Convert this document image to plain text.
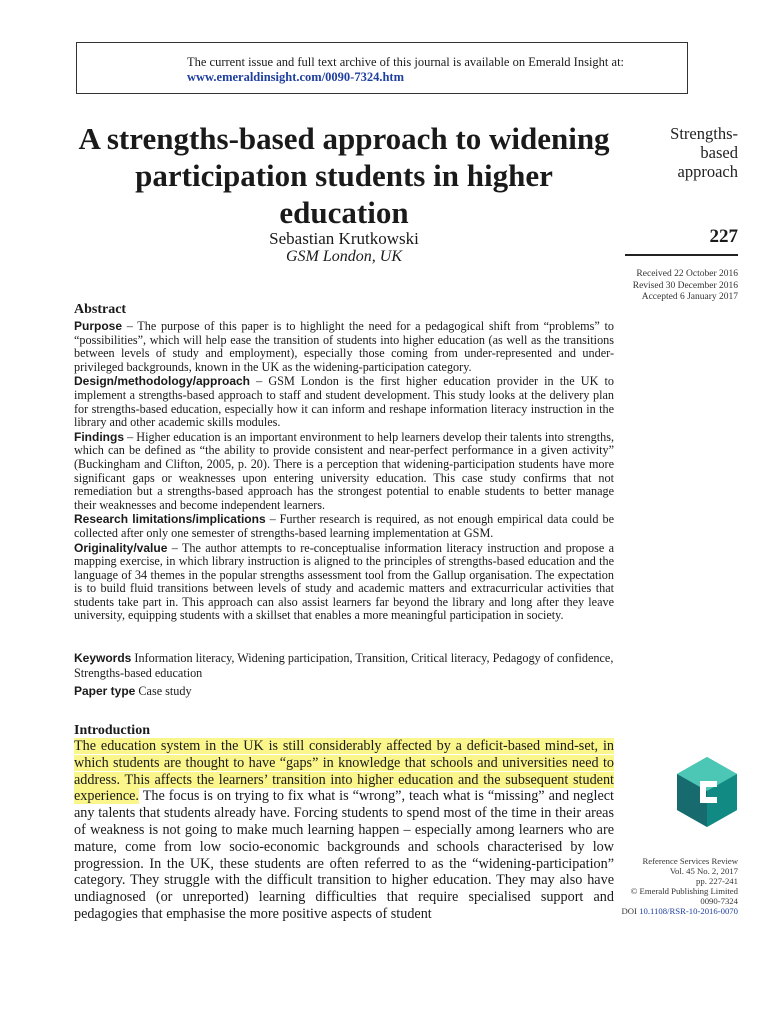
The current issue and full text archive of this journal is available on Emerald Insight at:
www.emeraldinsight.com/0090-7324.htm
A strengths-based approach to widening participation students in higher education
Sebastian Krutkowski
GSM London, UK
Strengths-
based
approach
227
Received 22 October 2016
Revised 30 December 2016
Accepted 6 January 2017
Abstract

Purpose – The purpose of this paper is to highlight the need for a pedagogical shift from “problems” to “possibilities”, which will help ease the transition of students into higher education (as well as the transitions between levels of study and employment), especially those coming from under-represented and under-privileged backgrounds, known in the UK as the widening-participation category.

Design/methodology/approach – GSM London is the first higher education provider in the UK to implement a strengths-based approach to staff and student development. This study looks at the delivery plan for strengths-based education, especially how it can inform and reshape information literacy instruction in the library and other academic skills modules.

Findings – Higher education is an important environment to help learners develop their talents into strengths, which can be defined as “the ability to provide consistent and near-perfect performance in a given activity” (Buckingham and Clifton, 2005, p. 20). There is a perception that widening-participation students have more significant gaps or weaknesses upon entering university education. This case study confirms that not remediation but a strengths-based approach has the strongest potential to enable students to better manage their weaknesses and become independent learners.

Research limitations/implications – Further research is required, as not enough empirical data could be collected after only one semester of strengths-based learning implementation at GSM.

Originality/value – The author attempts to re-conceptualise information literacy instruction and propose a mapping exercise, in which library instruction is aligned to the principles of strengths-based education and the language of 34 themes in the popular strengths assessment tool from the Gallup organisation. The expectation is to build fluid transitions between levels of study and academic matters and extracurricular activities that students take part in. This approach can also assist learners far beyond the library and long after they leave university, equipping students with a skillset that enables a more meaningful participation in society.

Keywords Information literacy, Widening participation, Transition, Critical literacy, Pedagogy of confidence, Strengths-based education
Paper type Case study
Introduction
The education system in the UK is still considerably affected by a deficit-based mind-set, in which students are thought to have “gaps” in knowledge that schools and universities need to address. This affects the learners’ transition into higher education and the subsequent student experience. The focus is on trying to fix what is “wrong”, teach what is “missing” and neglect any talents that students already have. Forcing students to spend most of the time in their areas of weakness is not going to make much learning happen – especially among learners who are mature, come from low socio-economic backgrounds and schools characterised by low progression. In the UK, these students are often referred to as the “widening-participation” category. They struggle with the difficult transition to higher education. They may also have undiagnosed (or unreported) learning difficulties that require specialised support and pedagogies that emphasise the more positive aspects of student
Reference Services Review
Vol. 45 No. 2, 2017
pp. 227-241
© Emerald Publishing Limited
0090-7324
DOI 10.1108/RSR-10-2016-0070
